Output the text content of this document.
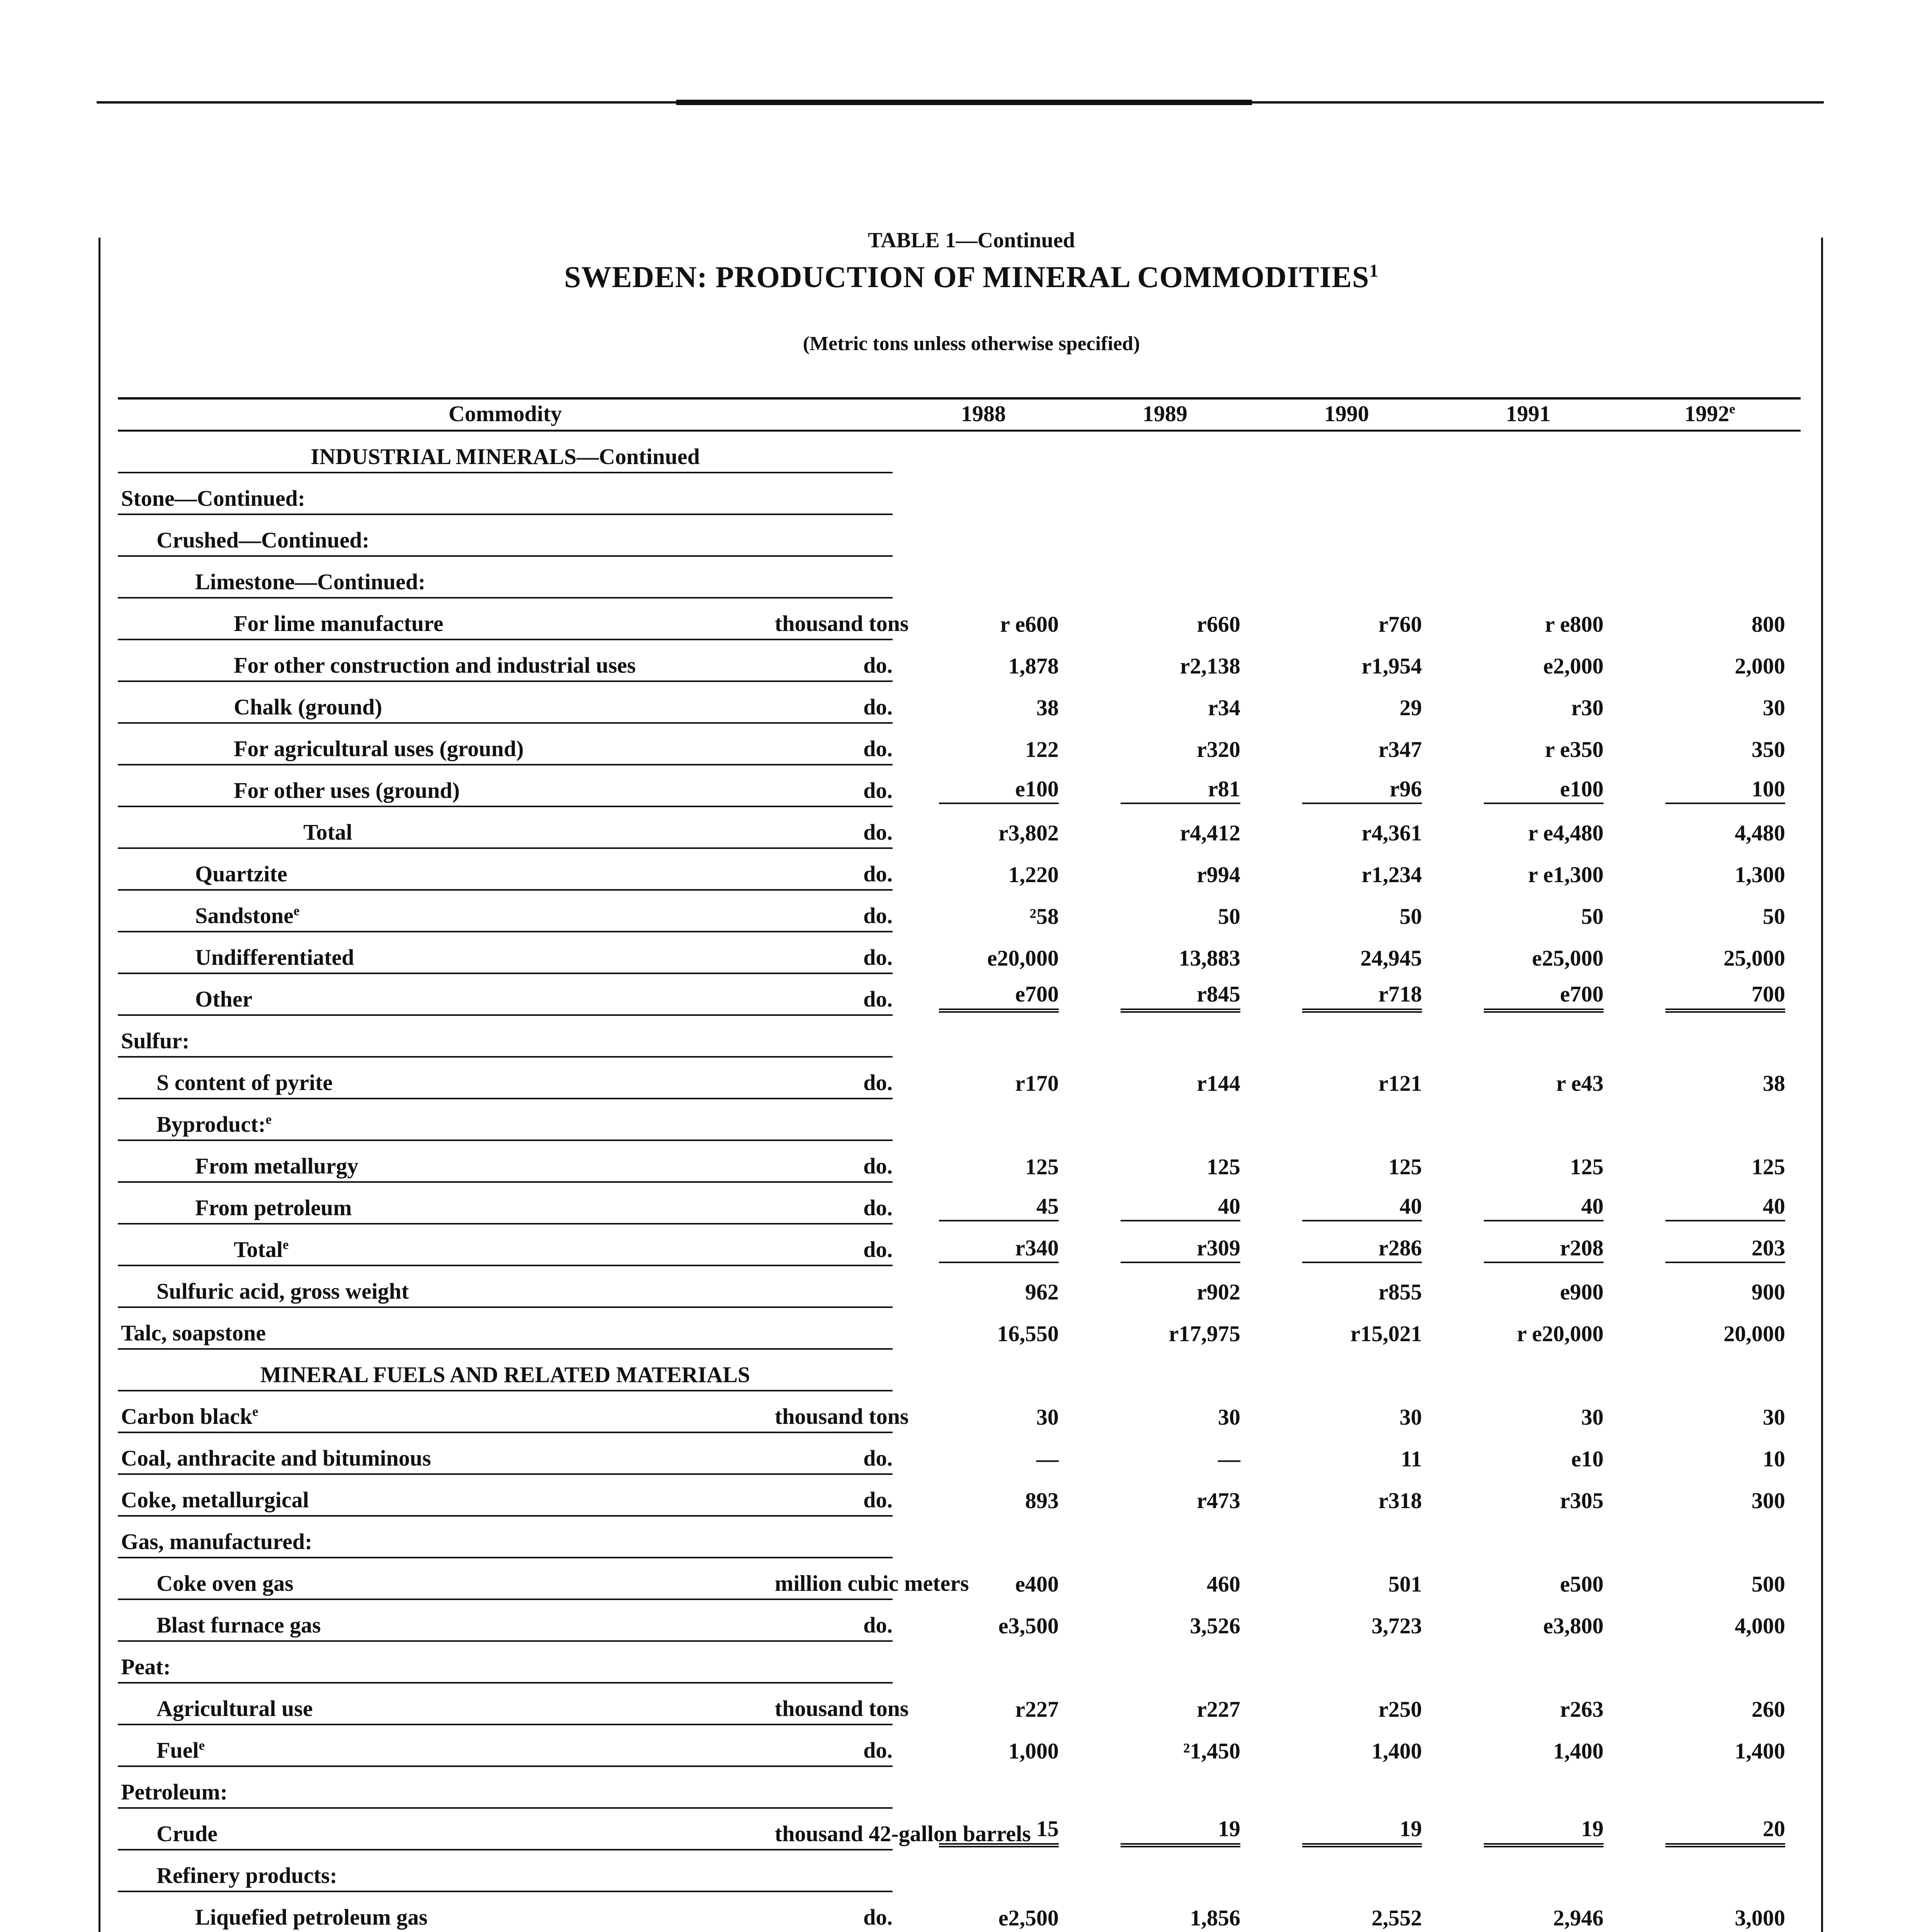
TABLE 1—Continued
SWEDEN: PRODUCTION OF MINERAL COMMODITIES$^1$
(Metric tons unless otherwise specified)
Commodity		1988	1989	1990	1991	1992e
INDUSTRIAL MINERALS—Continued						
Stone—Continued:						
Crushed—Continued:						
Limestone—Continued:						
For lime manufacture	thousand tons	r e600	r660	r760	r e800	800
For other construction and industrial uses	do.	1,878	r2,138	r1,954	e2,000	2,000
Chalk (ground)	do.	38	r34	29	r30	30
For agricultural uses (ground)	do.	122	r320	r347	r e350	350
For other uses (ground)	do.	e100	r81	r96	e100	100
Total	do.	r3,802	r4,412	r4,361	r e4,480	4,480
Quartzite	do.	1,220	r994	r1,234	r e1,300	1,300
Sandstone$^e$	do.	²58	50	50	50	50
Undifferentiated	do.	e20,000	13,883	24,945	e25,000	25,000
Other	do.	e700	r845	r718	e700	700
Sulfur:						
S content of pyrite	do.	r170	r144	r121	r e43	38
Byproduct:$^e$						
From metallurgy	do.	125	125	125	125	125
From petroleum	do.	45	40	40	40	40
Total$^e$	do.	r340	r309	r286	r208	203
Sulfuric acid, gross weight		962	r902	r855	e900	900
Talc, soapstone		16,550	r17,975	r15,021	r e20,000	20,000
MINERAL FUELS AND RELATED MATERIALS						
Carbon black$^e$	thousand tons	30	30	30	30	30
Coal, anthracite and bituminous	do.	—	—	11	e10	10
Coke, metallurgical	do.	893	r473	r318	r305	300
Gas, manufactured:						
Coke oven gas	million cubic meters	e400	460	501	e500	500
Blast furnace gas	do.	e3,500	3,526	3,723	e3,800	4,000
Peat:						
Agricultural use	thousand tons	r227	r227	r250	r263	260
Fuel$^e$	do.	1,000	²1,450	1,400	1,400	1,400
Petroleum:						
Crude	thousand 42-gallon barrels	15	19	19	19	20
Refinery products:						
Liquefied petroleum gas	do.	e2,500	1,856	2,552	2,946	3,000
